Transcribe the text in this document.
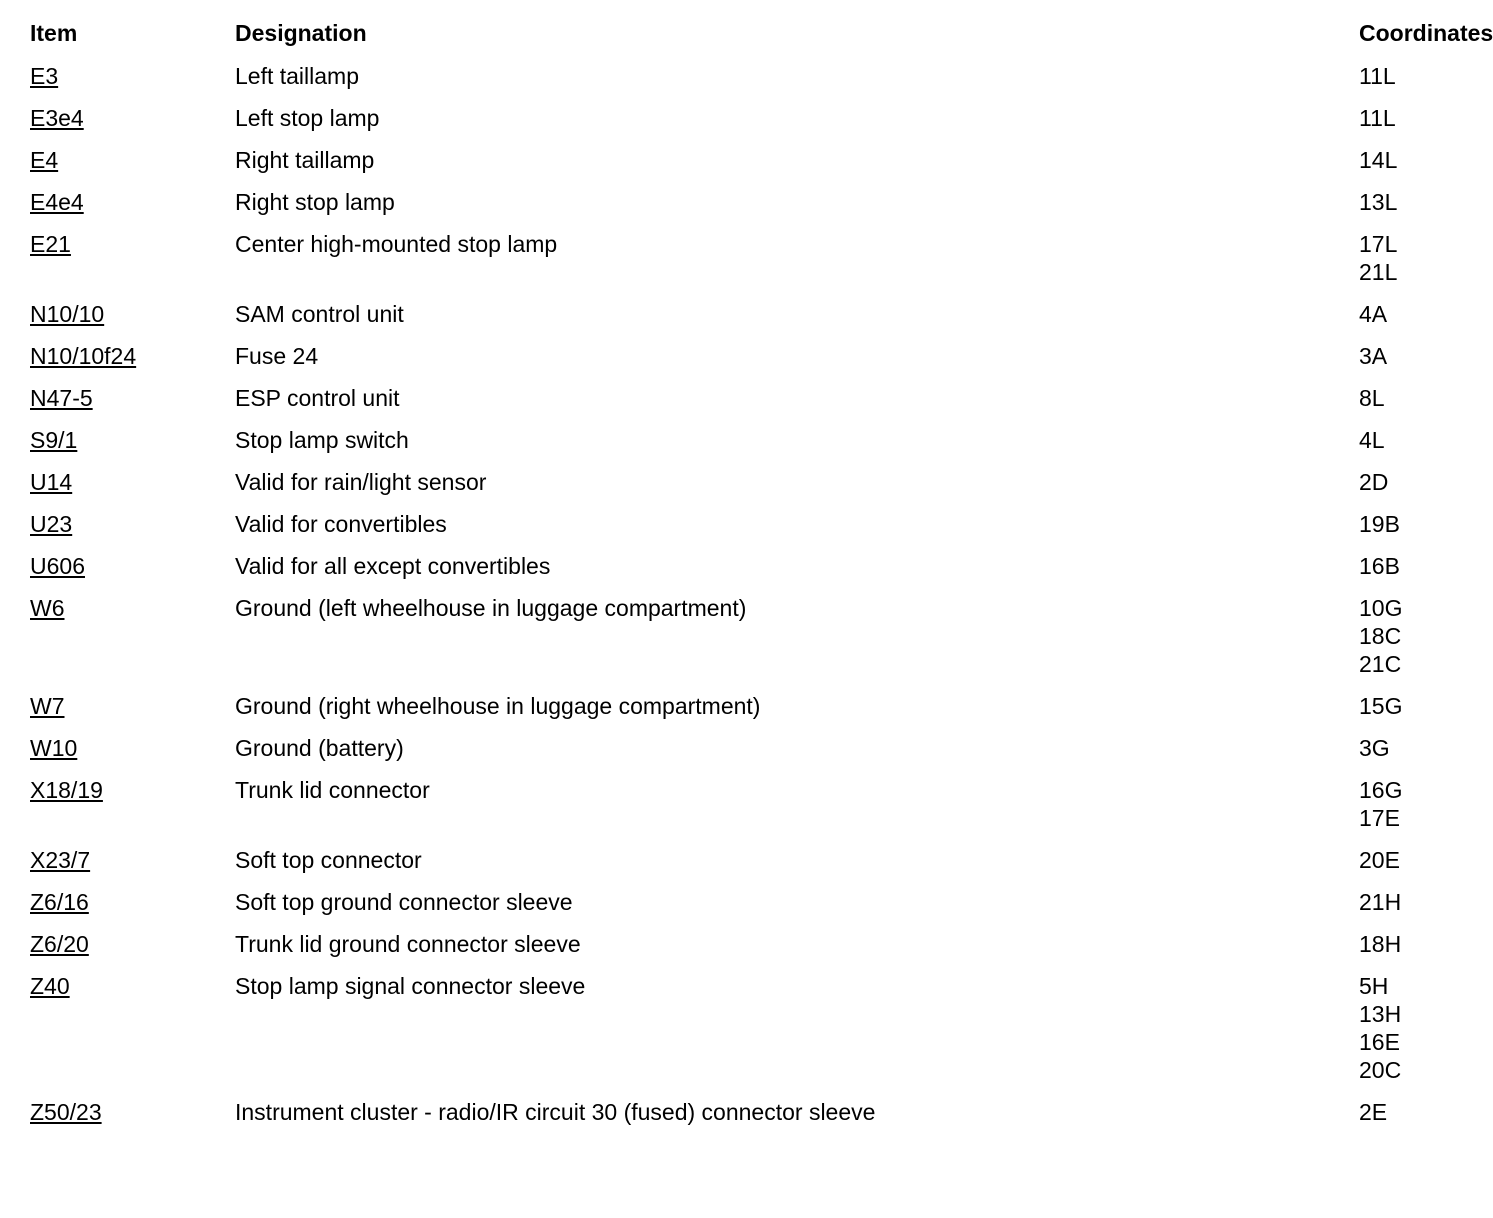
Item	Designation	Coordinates
E3	Left taillamp	11L
E3e4	Left stop lamp	11L
E4	Right taillamp	14L
E4e4	Right stop lamp	13L
E21	Center high-mounted stop lamp	17L
21L
N10/10	SAM control unit	4A
N10/10f24	Fuse 24	3A
N47-5	ESP control unit	8L
S9/1	Stop lamp switch	4L
U14	Valid for rain/light sensor	2D
U23	Valid for convertibles	19B
U606	Valid for all except convertibles	16B
W6	Ground (left wheelhouse in luggage compartment)	10G
18C
21C
W7	Ground (right wheelhouse in luggage compartment)	15G
W10	Ground (battery)	3G
X18/19	Trunk lid connector	16G
17E
X23/7	Soft top connector	20E
Z6/16	Soft top ground connector sleeve	21H
Z6/20	Trunk lid ground connector sleeve	18H
Z40	Stop lamp signal connector sleeve	5H
13H
16E
20C
Z50/23	Instrument cluster - radio/IR circuit 30 (fused) connector sleeve	2E
